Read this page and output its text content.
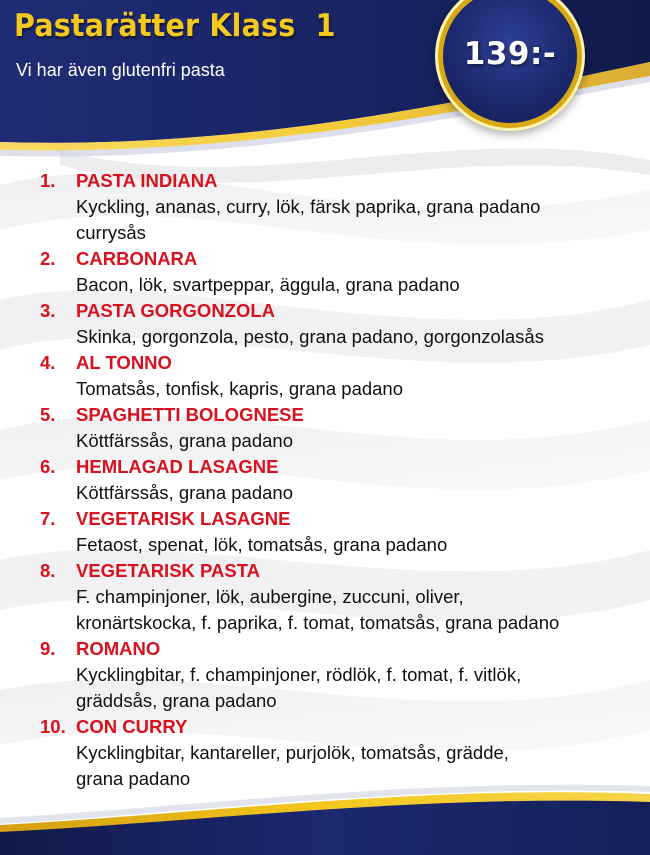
Pastarätter Klass  1
Vi har även glutenfri pasta	139:-
1. PASTA INDIANA
Kyckling, ananas, curry, lök, färsk paprika, grana padano
currysås
2. CARBONARA
Bacon, lök, svartpeppar, äggula, grana padano
3. PASTA GORGONZOLA
Skinka, gorgonzola, pesto, grana padano, gorgonzolasås
4. AL TONNO
Tomatsås, tonfisk, kapris, grana padano
5. SPAGHETTI BOLOGNESE
Köttfärssås, grana padano
6. HEMLAGAD LASAGNE
Köttfärssås, grana padano
7. VEGETARISK LASAGNE
Fetaost, spenat, lök, tomatsås, grana padano
8. VEGETARISK PASTA
F. champinjoner, lök, aubergine, zuccuni, oliver,
kronärtskocka, f. paprika, f. tomat, tomatsås, grana padano
9. ROMANO
Kycklingbitar, f. champinjoner, rödlök, f. tomat, f. vitlök,
gräddsås, grana padano
10. CON CURRY
Kycklingbitar, kantareller, purjolök, tomatsås, grädde,
grana padano
